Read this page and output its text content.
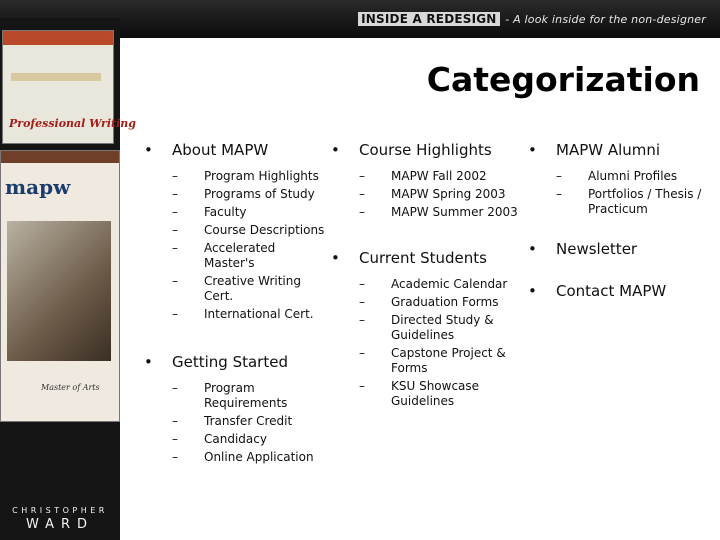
INSIDE A REDESIGN - A look inside for the non-designer
Professional Writing
mapw
Master of Arts
CHRISTOPHER
WARD
Categorization
• About MAPW
– Program Highlights
– Programs of Study
– Faculty
– Course Descriptions
– Accelerated Master's
– Creative Writing Cert.
– International Cert.
• Getting Started
– Program Requirements
– Transfer Credit
– Candidacy
– Online Application
• Course Highlights
– MAPW Fall 2002
– MAPW Spring 2003
– MAPW Summer 2003
• Current Students
– Academic Calendar
– Graduation Forms
– Directed Study & Guidelines
– Capstone Project & Forms
– KSU Showcase Guidelines
• MAPW Alumni
– Alumni Profiles
– Portfolios / Thesis / Practicum
• Newsletter
• Contact MAPW
